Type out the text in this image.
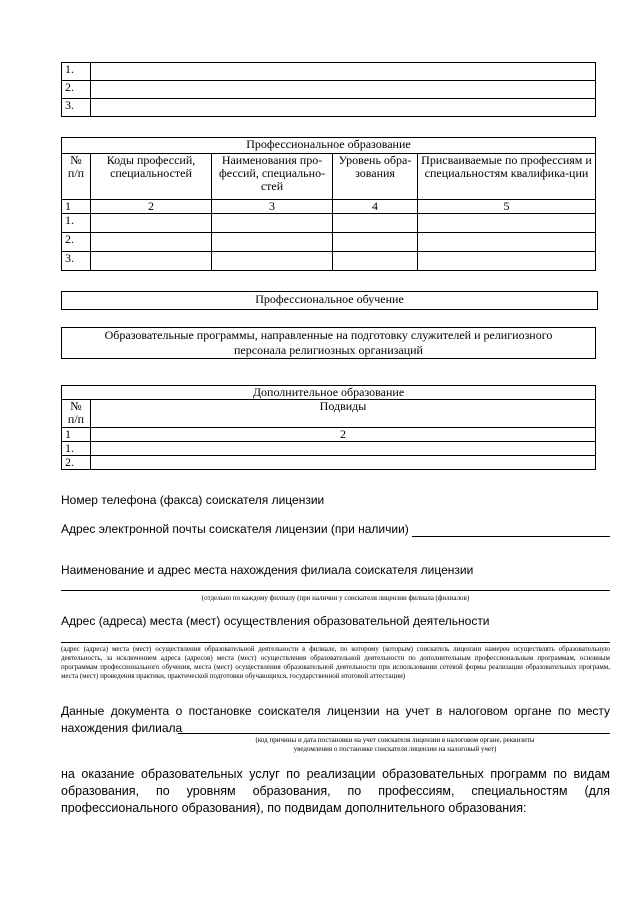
1.	
2.	
3.	
Профессиональное образование				
№ п/п	Коды профессий, специальностей	Наименования про-фессий, специально-стей	Уровень обра-зования	Присваиваемые по профессиям и специальностям квалифика-ции
1	2	3	4	5
1.				
2.				
3.				
Профессиональное обучение
Образовательные программы, направленные на подготовку служителей и религиозного персонала религиозных организаций
Дополнительное образование	
№ п/п	Подвиды
1	2
1.	
2.	
Номер телефона (факса) соискателя лицензии
Адрес электронной почты соискателя лицензии (при наличии)
Наименование и адрес места нахождения филиала соискателя лицензии
(отдельно по каждому филиалу (при наличии у соискателя лицензии филиала (филиалов)
Адрес (адреса) места (мест) осуществления образовательной деятельности
(адрес (адреса) места (мест) осуществления образовательной деятельности в филиале, по которому (которым) соискатель лицензии намерен осуществлять образовательную деятельность, за исключением адреса (адресов) места (мест) осуществления образовательной деятельности по дополнительным профессиональным программам, основным программам профессионального обучения, места (мест) осуществления образовательной деятельности при использовании сетевой формы реализации образовательных программ, места (мест) проведения практики, практической подготовки обучающихся, государственной итоговой аттестации)
Данные документа о постановке соискателя лицензии на учет в налоговом органе по месту нахождения филиала
(код причины и дата постановки на учет соискателя лицензии в налоговом органе, реквизиты уведомления о постановке соискателя лицензии на налоговый учет)
на оказание образовательных услуг по реализации образовательных программ по видам образования, по уровням образования, по профессиям, специальностям (для профессионального образования), по подвидам дополнительного образования:
